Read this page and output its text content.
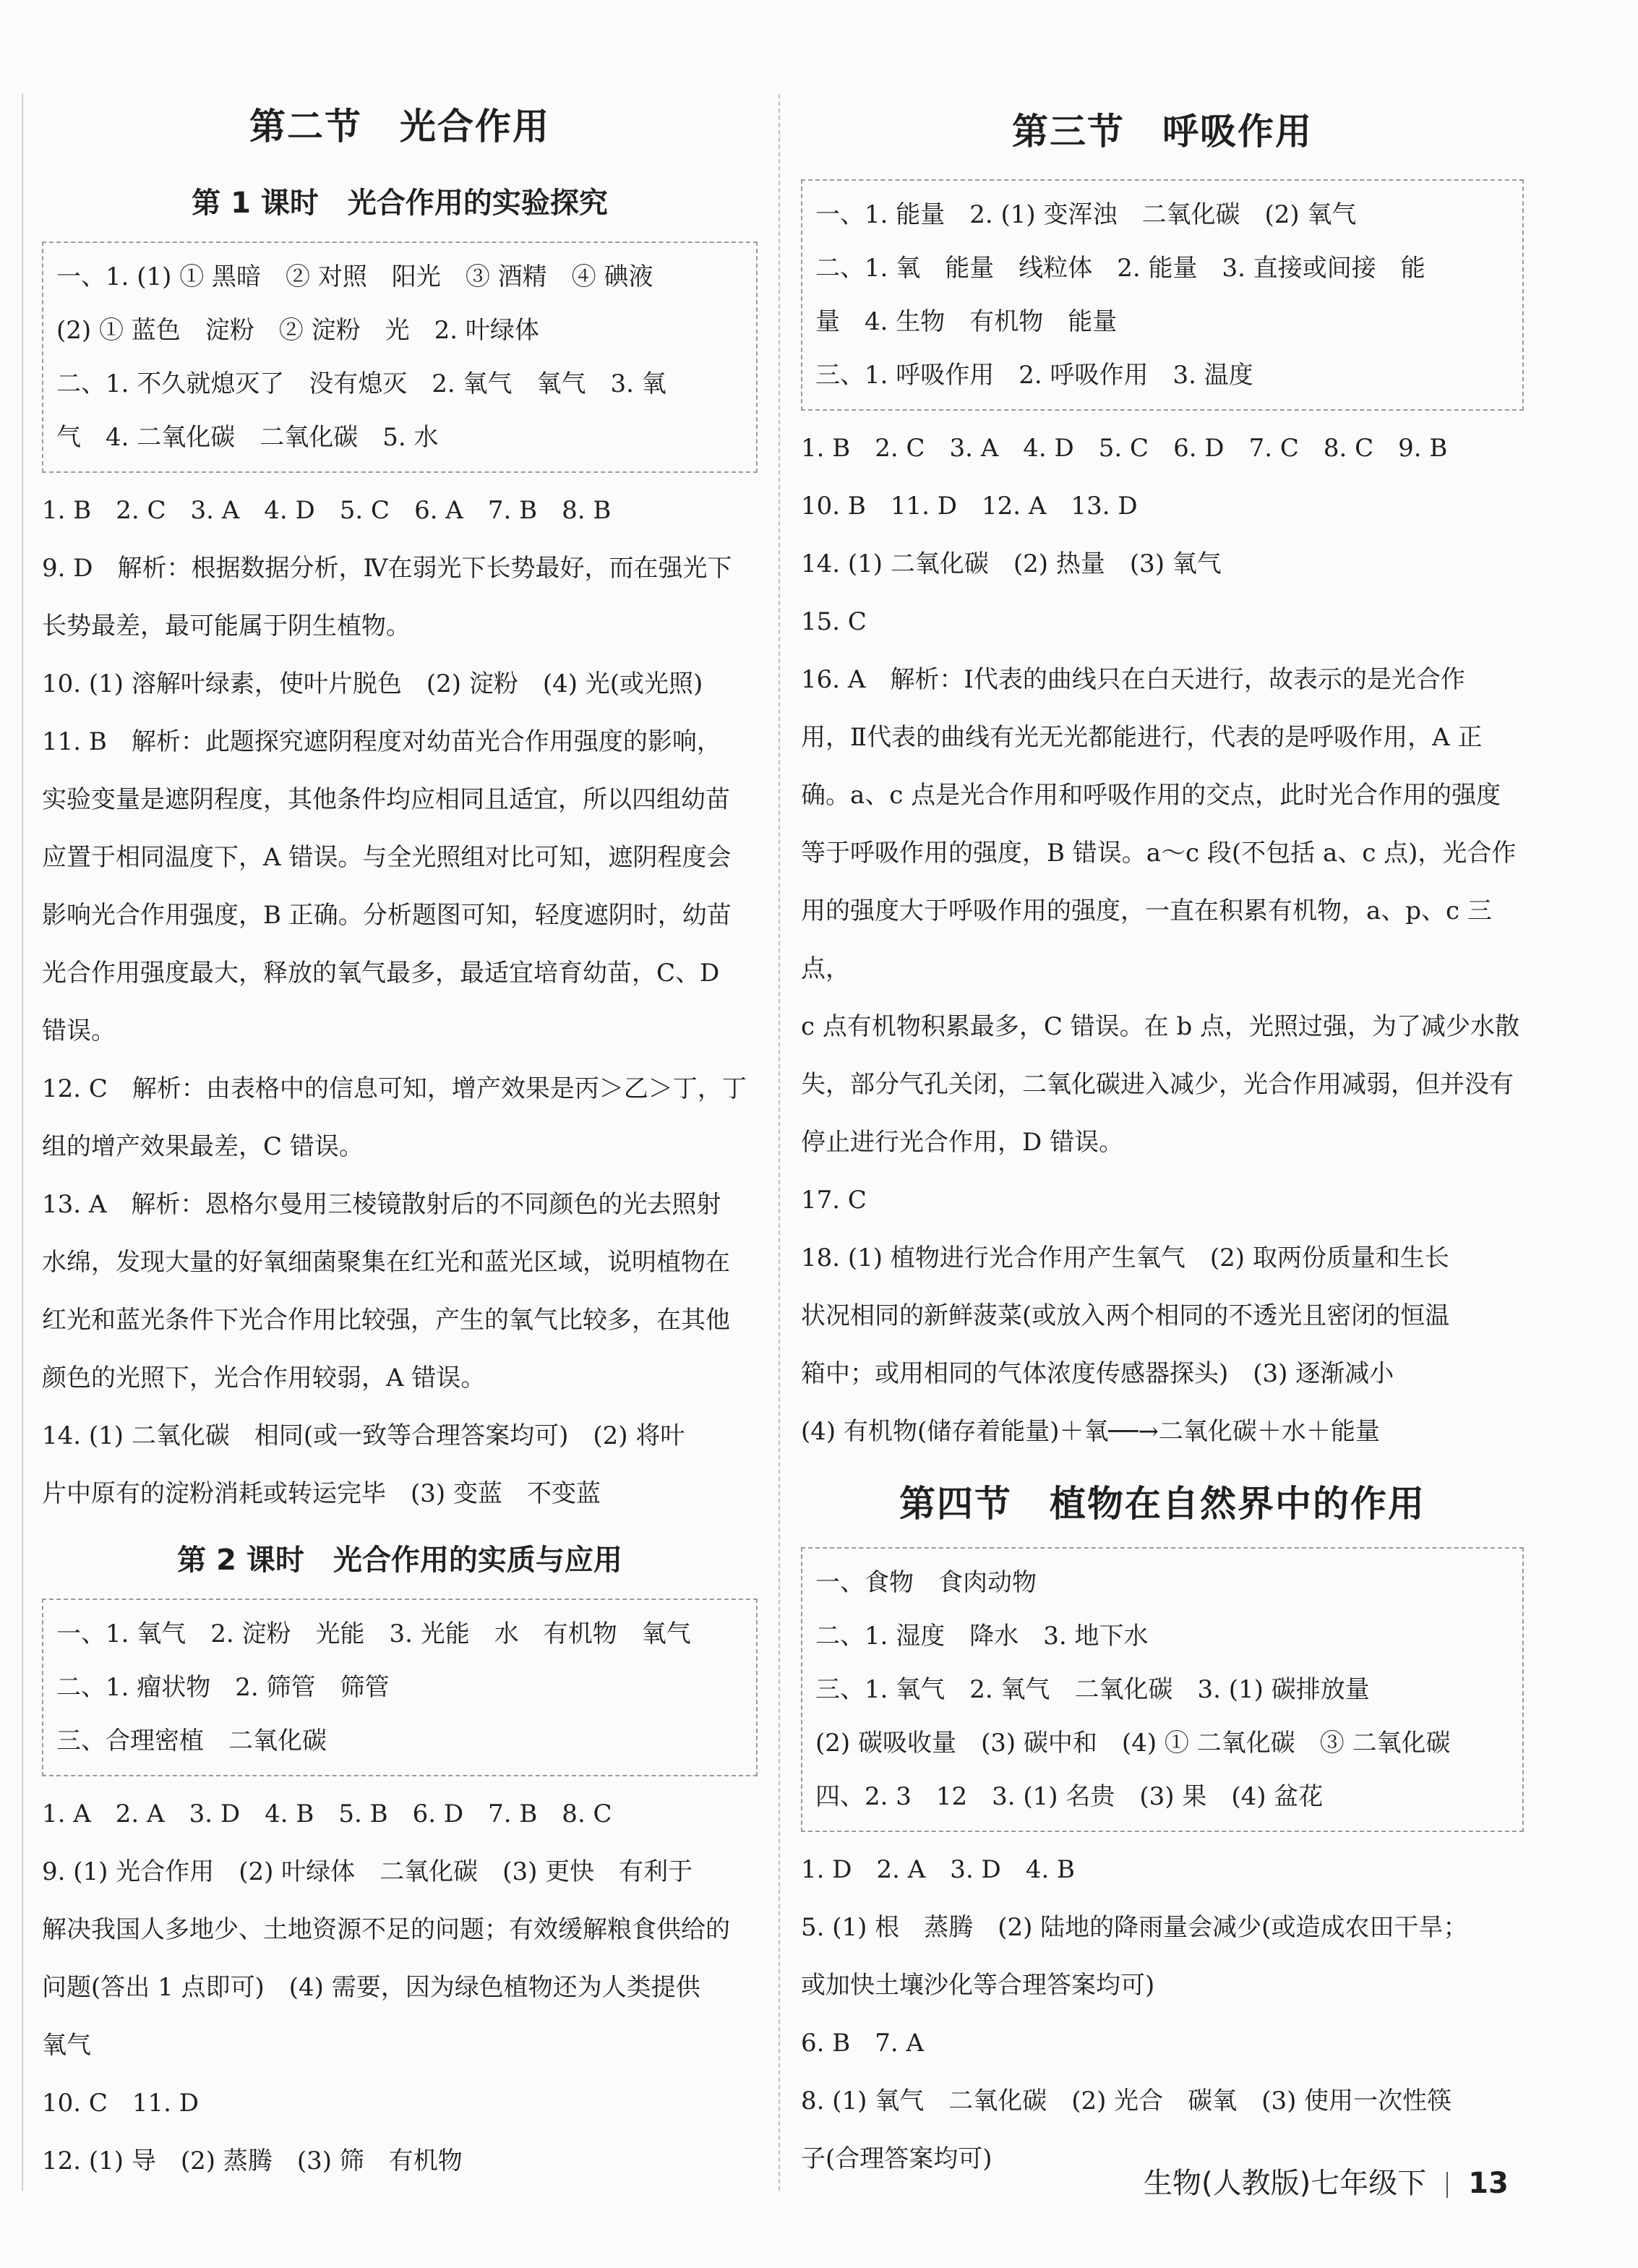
第二节　光合作用
第 1 课时　光合作用的实验探究

一、1. (1) ① 黑暗　② 对照　阳光　③ 酒精　④ 碘液

(2) ① 蓝色　淀粉　② 淀粉　光　2. 叶绿体

二、1. 不久就熄灭了　没有熄灭　2. 氧气　氧气　3. 氧

气　4. 二氧化碳　二氧化碳　5. 水

1. B　2. C　3. A　4. D　5. C　6. A　7. B　8. B

9. D　解析：根据数据分析，Ⅳ在弱光下长势最好，而在强光下

长势最差，最可能属于阴生植物。

10. (1) 溶解叶绿素，使叶片脱色　(2) 淀粉　(4) 光(或光照)

11. B　解析：此题探究遮阴程度对幼苗光合作用强度的影响，

实验变量是遮阴程度，其他条件均应相同且适宜，所以四组幼苗

应置于相同温度下，A 错误。与全光照组对比可知，遮阴程度会

影响光合作用强度，B 正确。分析题图可知，轻度遮阴时，幼苗

光合作用强度最大，释放的氧气最多，最适宜培育幼苗，C、D

错误。

12. C　解析：由表格中的信息可知，增产效果是丙＞乙＞丁，丁

组的增产效果最差，C 错误。

13. A　解析：恩格尔曼用三棱镜散射后的不同颜色的光去照射

水绵，发现大量的好氧细菌聚集在红光和蓝光区域，说明植物在

红光和蓝光条件下光合作用比较强，产生的氧气比较多，在其他

颜色的光照下，光合作用较弱，A 错误。

14. (1) 二氧化碳　相同(或一致等合理答案均可)　(2) 将叶

片中原有的淀粉消耗或转运完毕　(3) 变蓝　不变蓝

第 2 课时　光合作用的实质与应用

一、1. 氧气　2. 淀粉　光能　3. 光能　水　有机物　氧气

二、1. 瘤状物　2. 筛管　筛管

三、合理密植　二氧化碳

1. A　2. A　3. D　4. B　5. B　6. D　7. B　8. C

9. (1) 光合作用　(2) 叶绿体　二氧化碳　(3) 更快　有利于

解决我国人多地少、土地资源不足的问题；有效缓解粮食供给的

问题(答出 1 点即可)　(4) 需要，因为绿色植物还为人类提供

氧气

10. C　11. D

12. (1) 导　(2) 蒸腾　(3) 筛　有机物

第三节　呼吸作用

一、1. 能量　2. (1) 变浑浊　二氧化碳　(2) 氧气

二、1. 氧　能量　线粒体　2. 能量　3. 直接或间接　能

量　4. 生物　有机物　能量

三、1. 呼吸作用　2. 呼吸作用　3. 温度

1. B　2. C　3. A　4. D　5. C　6. D　7. C　8. C　9. B

10. B　11. D　12. A　13. D

14. (1) 二氧化碳　(2) 热量　(3) 氧气

15. C

16. A　解析：Ⅰ代表的曲线只在白天进行，故表示的是光合作

用，Ⅱ代表的曲线有光无光都能进行，代表的是呼吸作用，A 正

确。a、c 点是光合作用和呼吸作用的交点，此时光合作用的强度

等于呼吸作用的强度，B 错误。a～c 段(不包括 a、c 点)，光合作

用的强度大于呼吸作用的强度，一直在积累有机物，a、p、c 三点，

c 点有机物积累最多，C 错误。在 b 点，光照过强，为了减少水散

失，部分气孔关闭，二氧化碳进入减少，光合作用减弱，但并没有

停止进行光合作用，D 错误。

17. C

18. (1) 植物进行光合作用产生氧气　(2) 取两份质量和生长

状况相同的新鲜菠菜(或放入两个相同的不透光且密闭的恒温

箱中；或用相同的气体浓度传感器探头)　(3) 逐渐减小

(4) 有机物(储存着能量)＋氧──→二氧化碳＋水＋能量

第四节　植物在自然界中的作用

一、食物　食肉动物

二、1. 湿度　降水　3. 地下水

三、1. 氧气　2. 氧气　二氧化碳　3. (1) 碳排放量

(2) 碳吸收量　(3) 碳中和　(4) ① 二氧化碳　③ 二氧化碳

四、2. 3　12　3. (1) 名贵　(3) 果　(4) 盆花

1. D　2. A　3. D　4. B

5. (1) 根　蒸腾　(2) 陆地的降雨量会减少(或造成农田干旱；

或加快土壤沙化等合理答案均可)

6. B　7. A

8. (1) 氧气　二氧化碳　(2) 光合　碳氧　(3) 使用一次性筷

子(合理答案均可)

生物(人教版)七年级下 13
